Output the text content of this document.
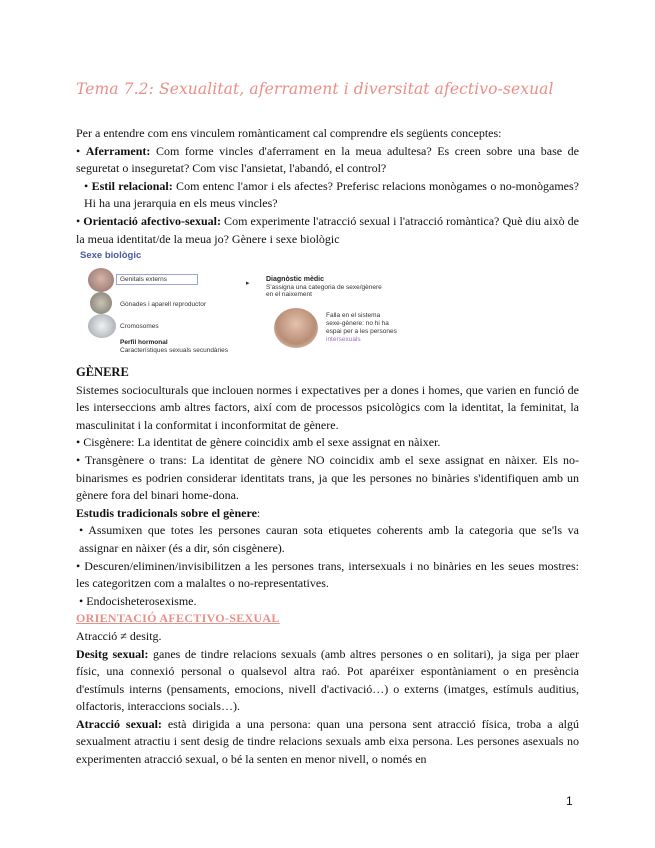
Tema 7.2: Sexualitat, aferrament i diversitat afectivo-sexual

Per a entendre com ens vinculem romànticament cal comprendre els següents conceptes:

• Aferrament: Com forme vincles d'aferrament en la meua adultesa? Es creen sobre una base de seguretat o inseguretat? Com visc l'ansietat, l'abandó, el control?

• Estil relacional: Com entenc l'amor i els afectes? Preferisc relacions monògames o no-monògames? Hi ha una jerarquia en els meus vincles?

• Orientació afectivo-sexual: Com experimente l'atracció sexual i l'atracció romàntica? Què diu això de la meua identitat/de la meua jo? Gènere i sexe biològic

Sexe biològic
Genitals externs
Gònades i aparell reproductor
Cromosomes
Perfil hormonal
Característiques sexuals secundàries
▸
Diagnòstic mèdic
S'assigna una categoria de sexe/gènere
en el naixement
Falla en el sistema
sexe-gènere: no hi ha
espai per a les persones
intersexuals

GÈNERE

Sistemes socioculturals que inclouen normes i expectatives per a dones i homes, que varien en funció de les interseccions amb altres factors, així com de processos psicològics com la identitat, la feminitat, la masculinitat i la conformitat i inconformitat de gènere.

• Cisgènere: La identitat de gènere coincidix amb el sexe assignat en nàixer.

• Transgènere o trans: La identitat de gènere NO coincidix amb el sexe assignat en nàixer. Els no-binarismes es podrien considerar identitats trans, ja que les persones no binàries s'identifiquen amb un gènere fora del binari home-dona.

Estudis tradicionals sobre el gènere:

• Assumixen que totes les persones cauran sota etiquetes coherents amb la categoria que se'ls va assignar en nàixer (és a dir, són cisgènere).

• Descuren/eliminen/invisibilitzen a les persones trans, intersexuals i no binàries en les seues mostres: les categoritzen com a malaltes o no-representatives.

• Endocisheterosexisme.

ORIENTACIÓ AFECTIVO-SEXUAL

Atracció ≠ desitg.

Desitg sexual: ganes de tindre relacions sexuals (amb altres persones o en solitari), ja siga per plaer físic, una connexió personal o qualsevol altra raó. Pot aparéixer espontàniament o en presència d'estímuls interns (pensaments, emocions, nivell d'activació…) o externs (imatges, estímuls auditius, olfactoris, interaccions socials…).

Atracció sexual: està dirigida a una persona: quan una persona sent atracció física, troba a algú sexualment atractiu i sent desig de tindre relacions sexuals amb eixa persona. Les persones asexuals no experimenten atracció sexual, o bé la senten en menor nivell, o només en

1
